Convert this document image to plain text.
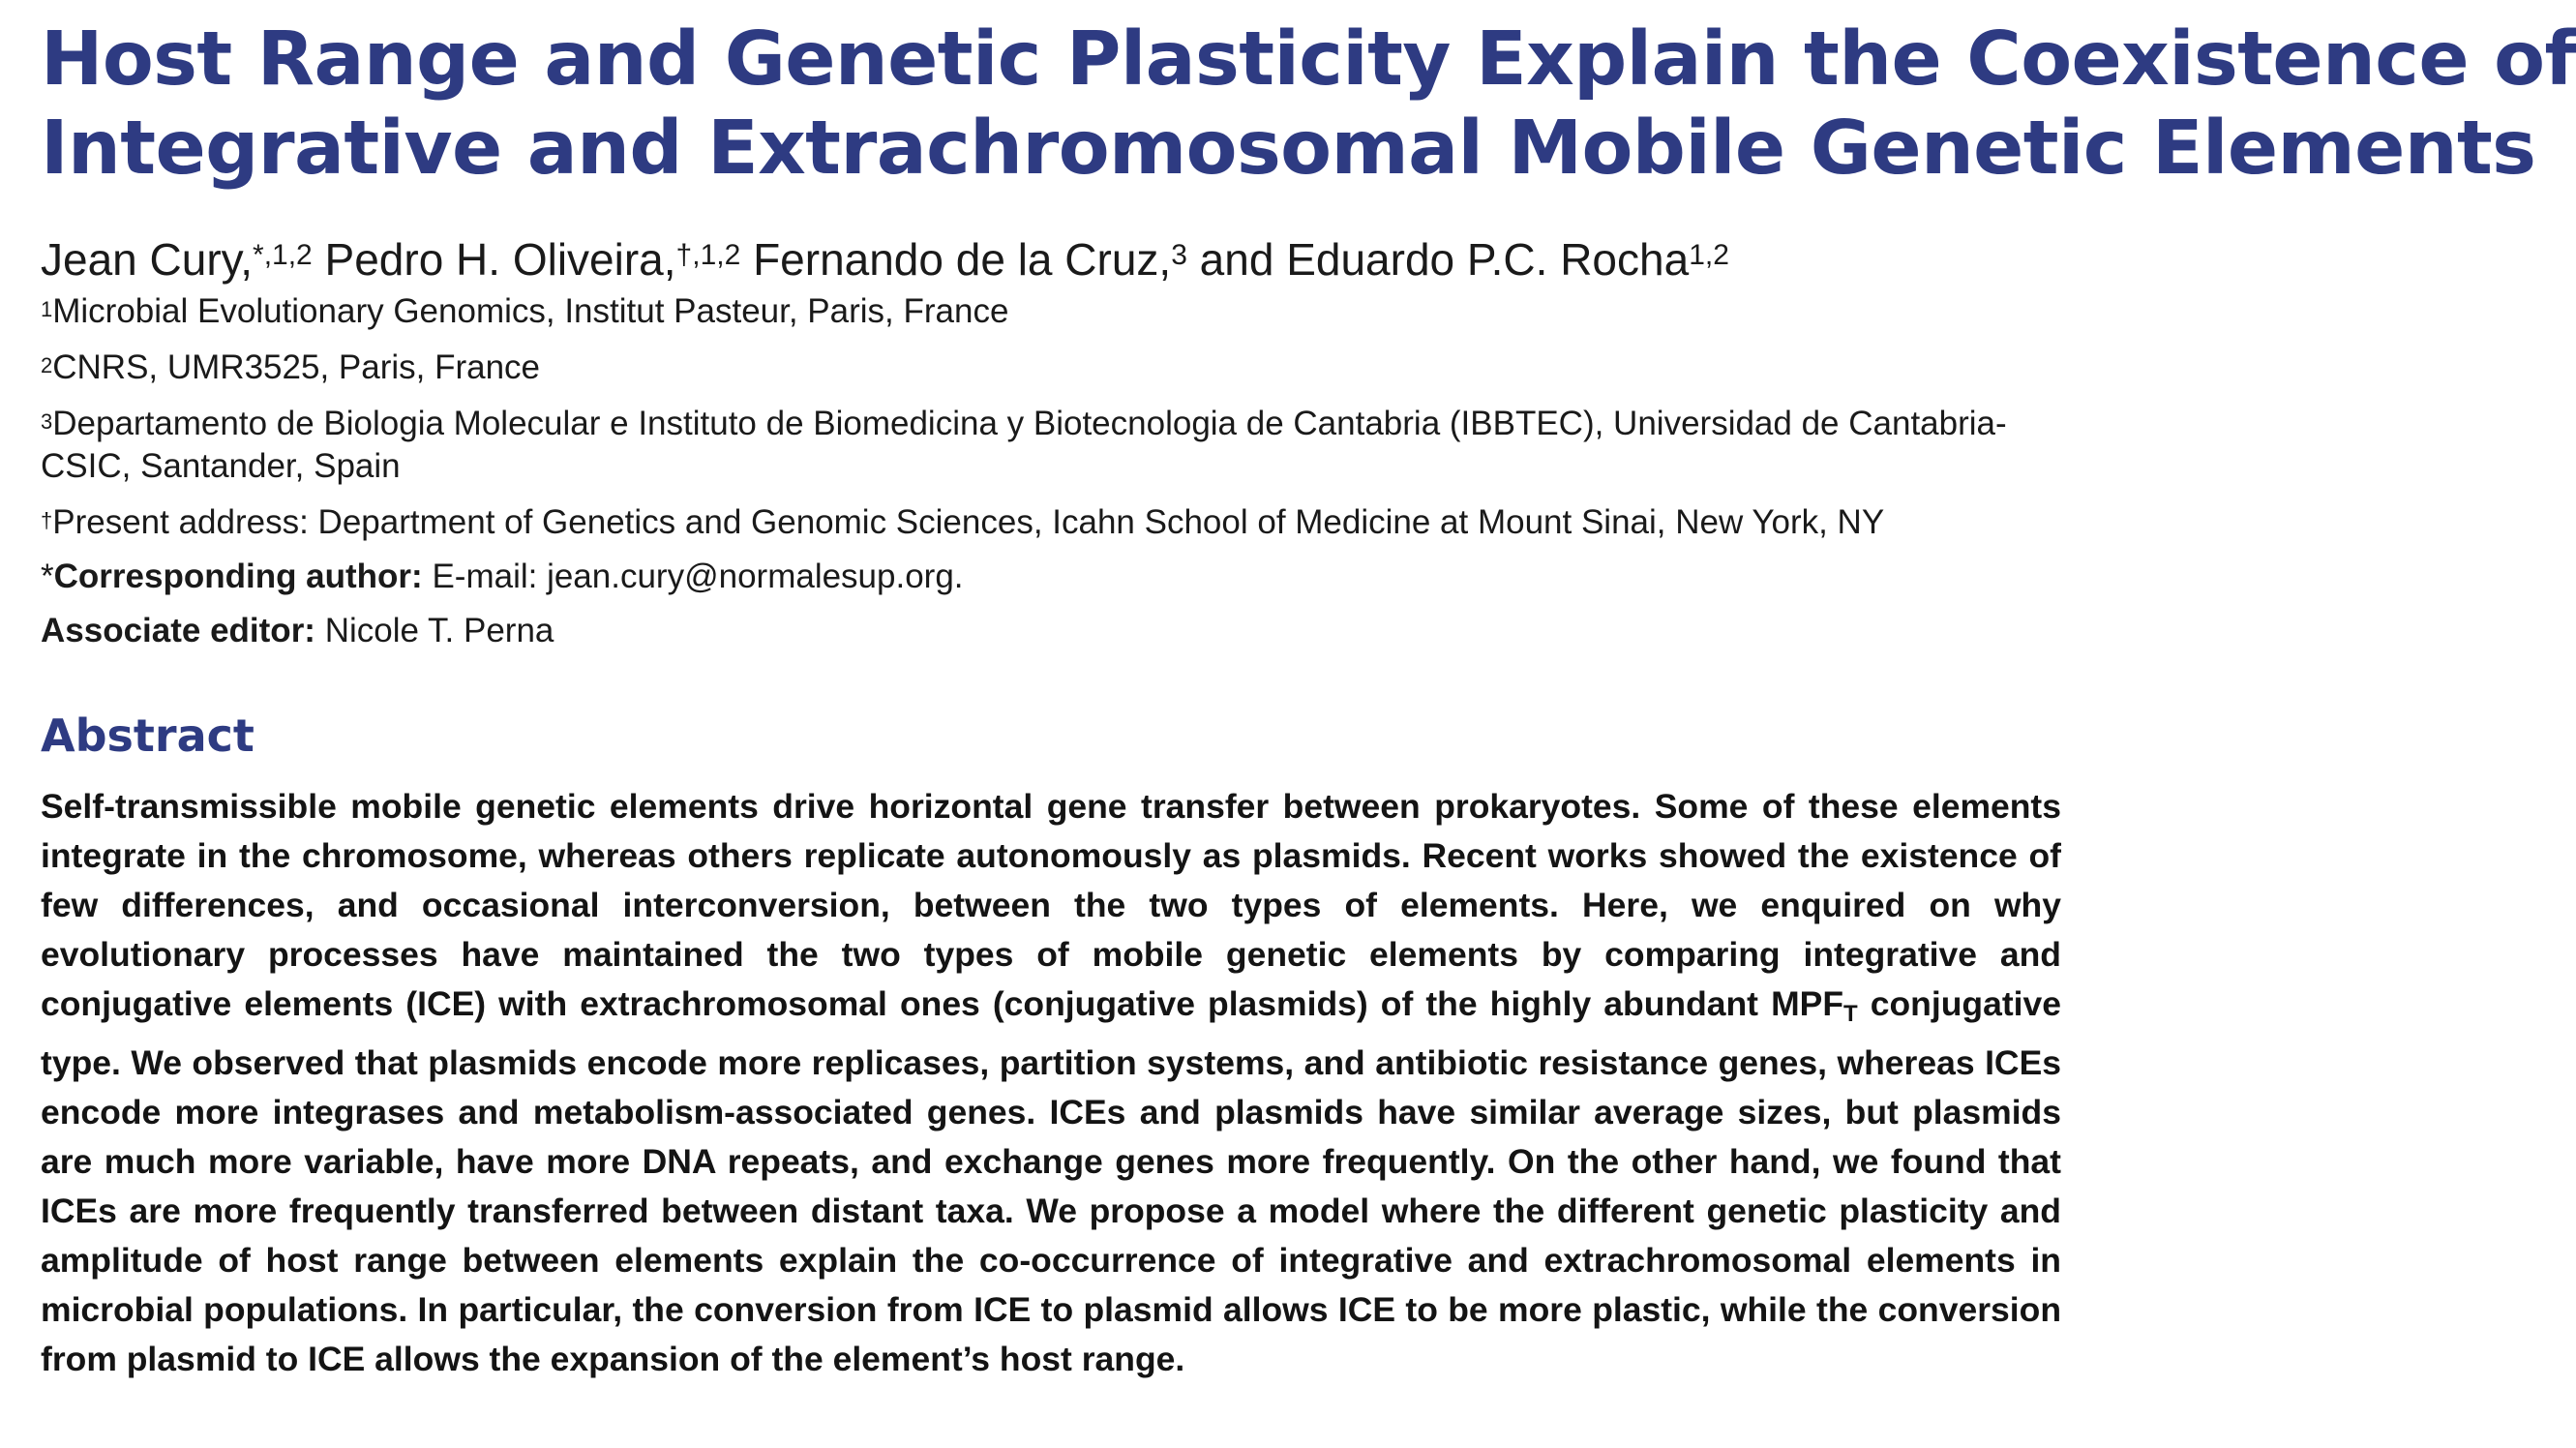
Host Range and Genetic Plasticity Explain the Coexistence of
Integrative and Extrachromosomal Mobile Genetic Elements
Jean Cury,$^{*,1,2}$ Pedro H. Oliveira,$^{\dagger,1,2}$ Fernando de la Cruz,$^3$ and Eduardo P.C. Rocha$^{1,2}$
$^1$Microbial Evolutionary Genomics, Institut Pasteur, Paris, France
$^2$CNRS, UMR3525, Paris, France
$^3$Departamento de Biologia Molecular e Instituto de Biomedicina y Biotecnologia de Cantabria (IBBTEC), Universidad de Cantabria-
CSIC, Santander, Spain
†Present address: Department of Genetics and Genomic Sciences, Icahn School of Medicine at Mount Sinai, New York, NY
*Corresponding author: E-mail: jean.cury@normalesup.org.
Associate editor: Nicole T. Perna
Abstract

Self-transmissible mobile genetic elements drive horizontal gene transfer between prokaryotes. Some of these elements integrate in the chromosome, whereas others replicate autonomously as plasmids. Recent works showed the existence of few differences, and occasional interconversion, between the two types of elements. Here, we enquired on why evolutionary processes have maintained the two types of mobile genetic elements by comparing integrative and conjugative elements (ICE) with extrachromosomal ones (conjugative plasmids) of the highly abundant $MPF_T$ conjugative type. We observed that plasmids encode more replicases, partition systems, and antibiotic resistance genes, whereas ICEs encode more integrases and metabolism-associated genes. ICEs and plasmids have similar average sizes, but plasmids are much more variable, have more DNA repeats, and exchange genes more frequently. On the other hand, we found that ICEs are more frequently transferred between distant taxa. We propose a model where the different genetic plasticity and amplitude of host range between elements explain the co-occurrence of integrative and extrachromosomal elements in microbial populations. In particular, the conversion from ICE to plasmid allows ICE to be more plastic, while the conversion from plasmid to ICE allows the expansion of the element’s host range.
